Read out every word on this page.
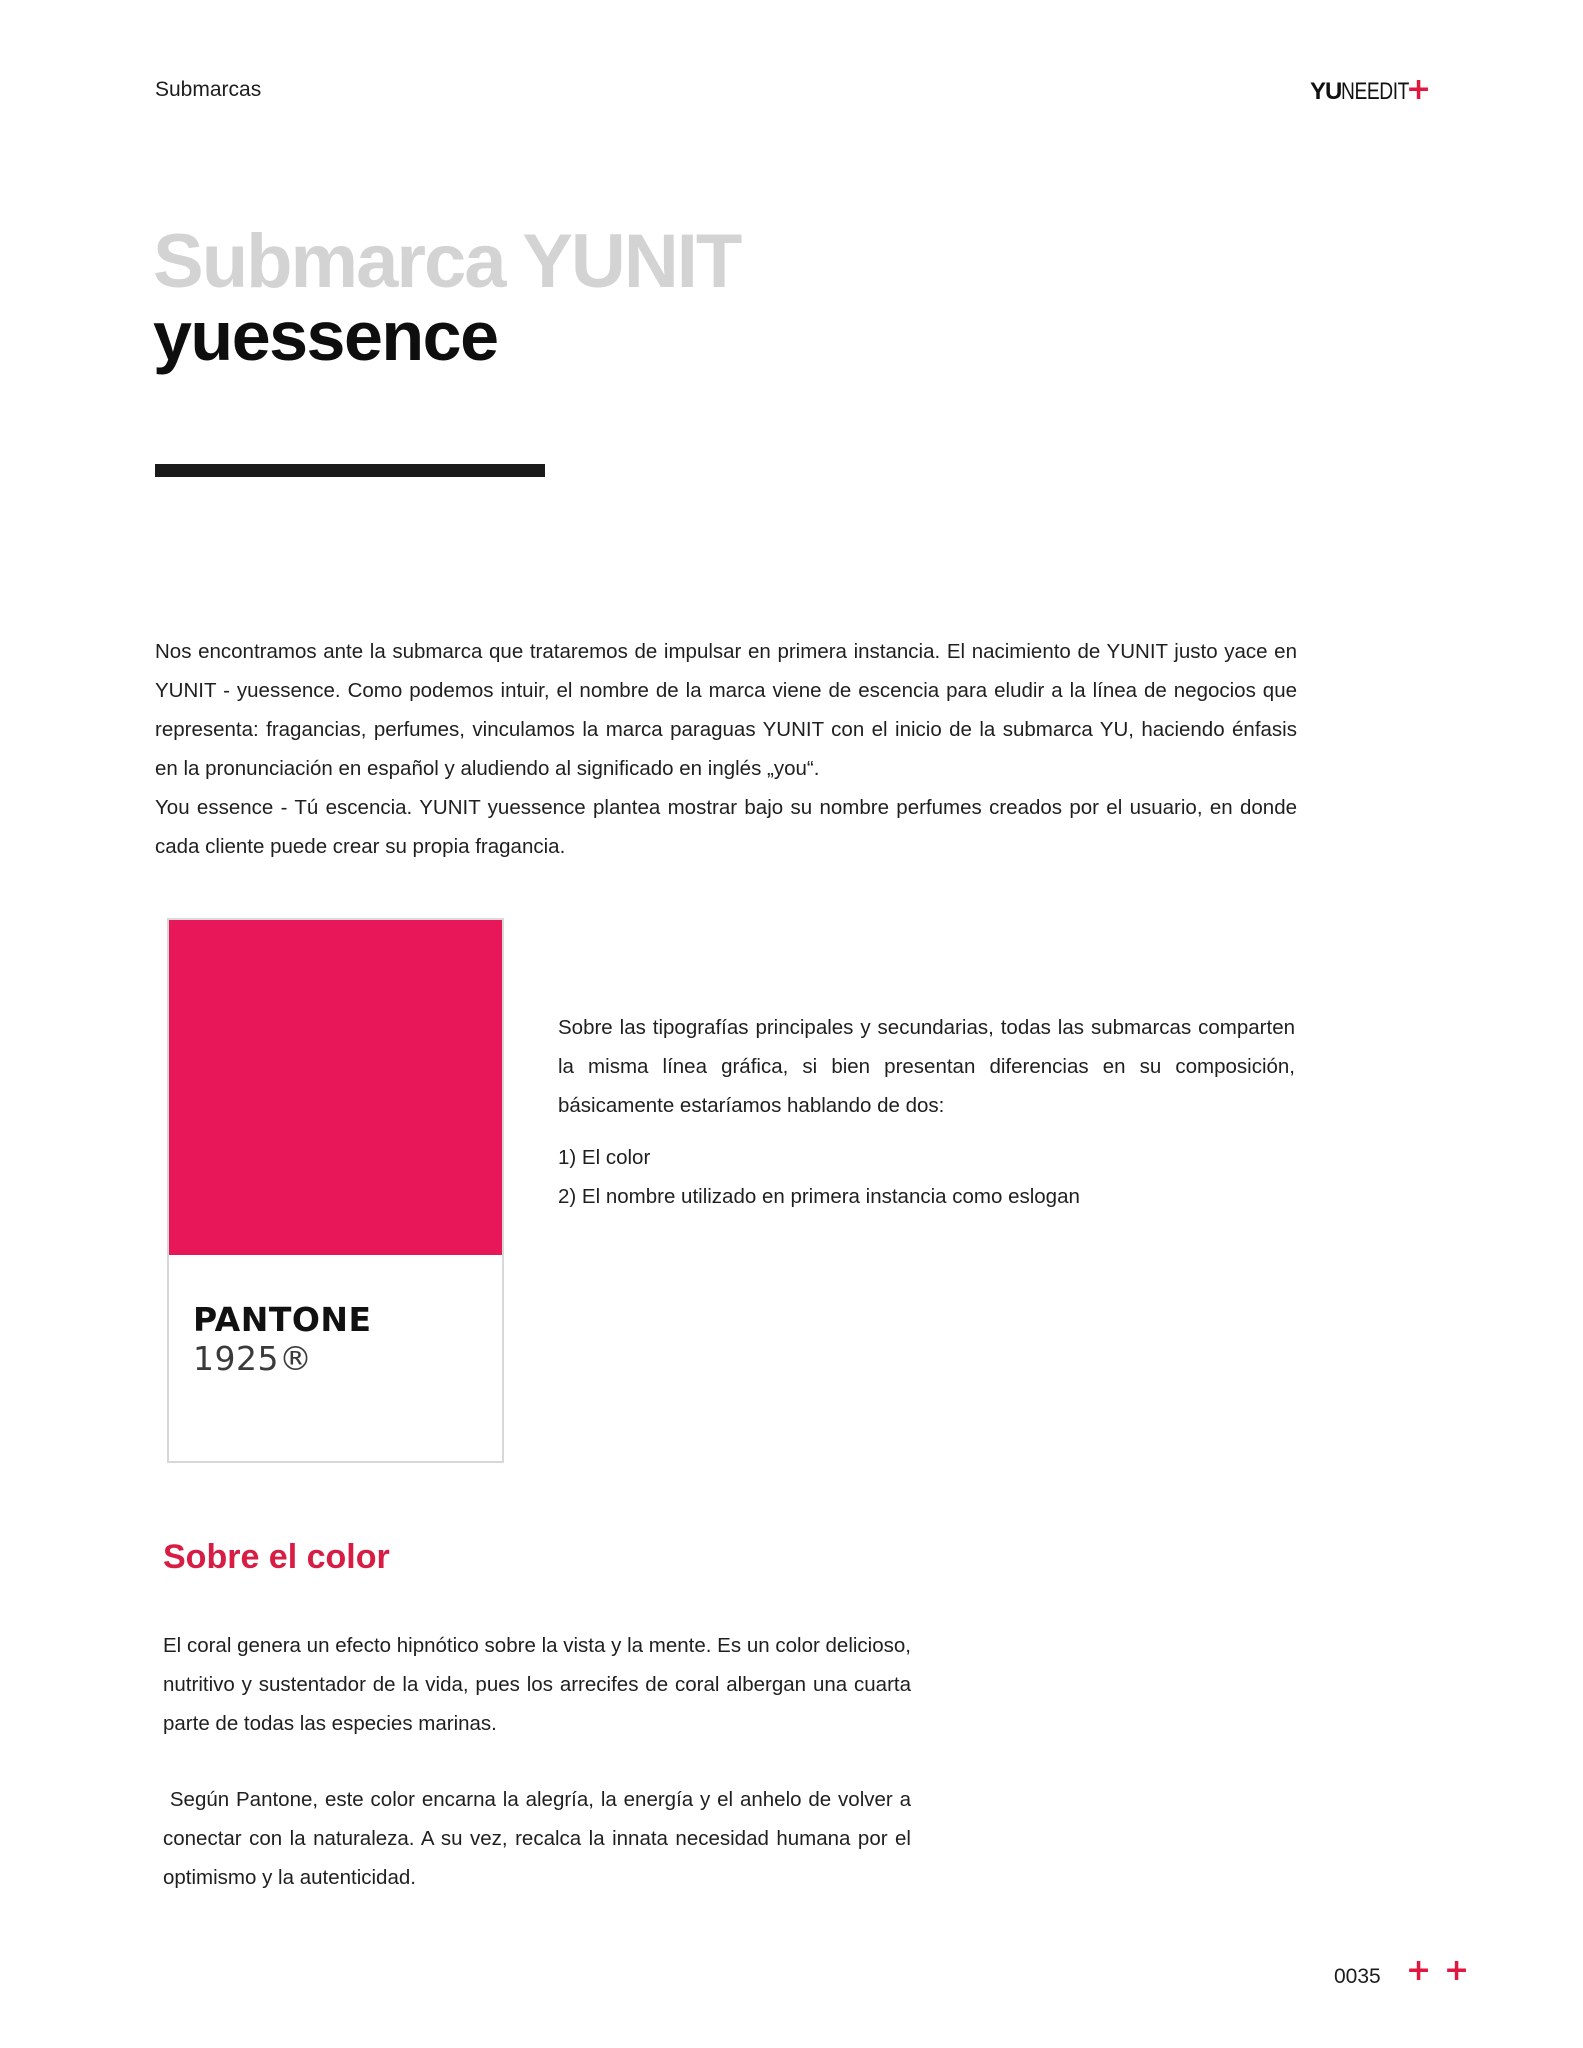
Submarcas	YUNEEDIT
+
Submarca YUNIT
yuessence

Nos encontramos ante la submarca que trataremos de impulsar en primera instancia. El nacimiento de YUNIT justo yace en YUNIT - yuessence. Como podemos intuir, el nombre de la marca viene de escencia para eludir a la línea de negocios que representa: fragancias, perfumes, vinculamos la marca paraguas YUNIT con el inicio de la submarca YU, haciendo énfasis en la pronunciación en español y aludiendo al significado en inglés „you“.

You essence - Tú escencia. YUNIT yuessence plantea mostrar bajo su nombre perfumes creados por el usuario, en donde cada cliente puede crear su propia fragancia.

PANTONE 1925®

Sobre las tipografías principales y secundarias, todas las submarcas comparten la misma línea gráfica, si bien presentan diferencias en su composición, básicamente estaríamos hablando de dos:

1) El color
2) El nombre utilizado en primera instancia como eslogan
Sobre el color

El coral genera un efecto hipnótico sobre la vista y la mente. Es un color delicioso, nutritivo y sustentador de la vida, pues los arrecifes de coral albergan una cuarta parte de todas las especies marinas.

Según Pantone, este color encarna la alegría, la energía y el anhelo de volver a conectar con la naturaleza. A su vez, recalca la innata necesidad humana por el optimismo y la autenticidad.

0035 + +
